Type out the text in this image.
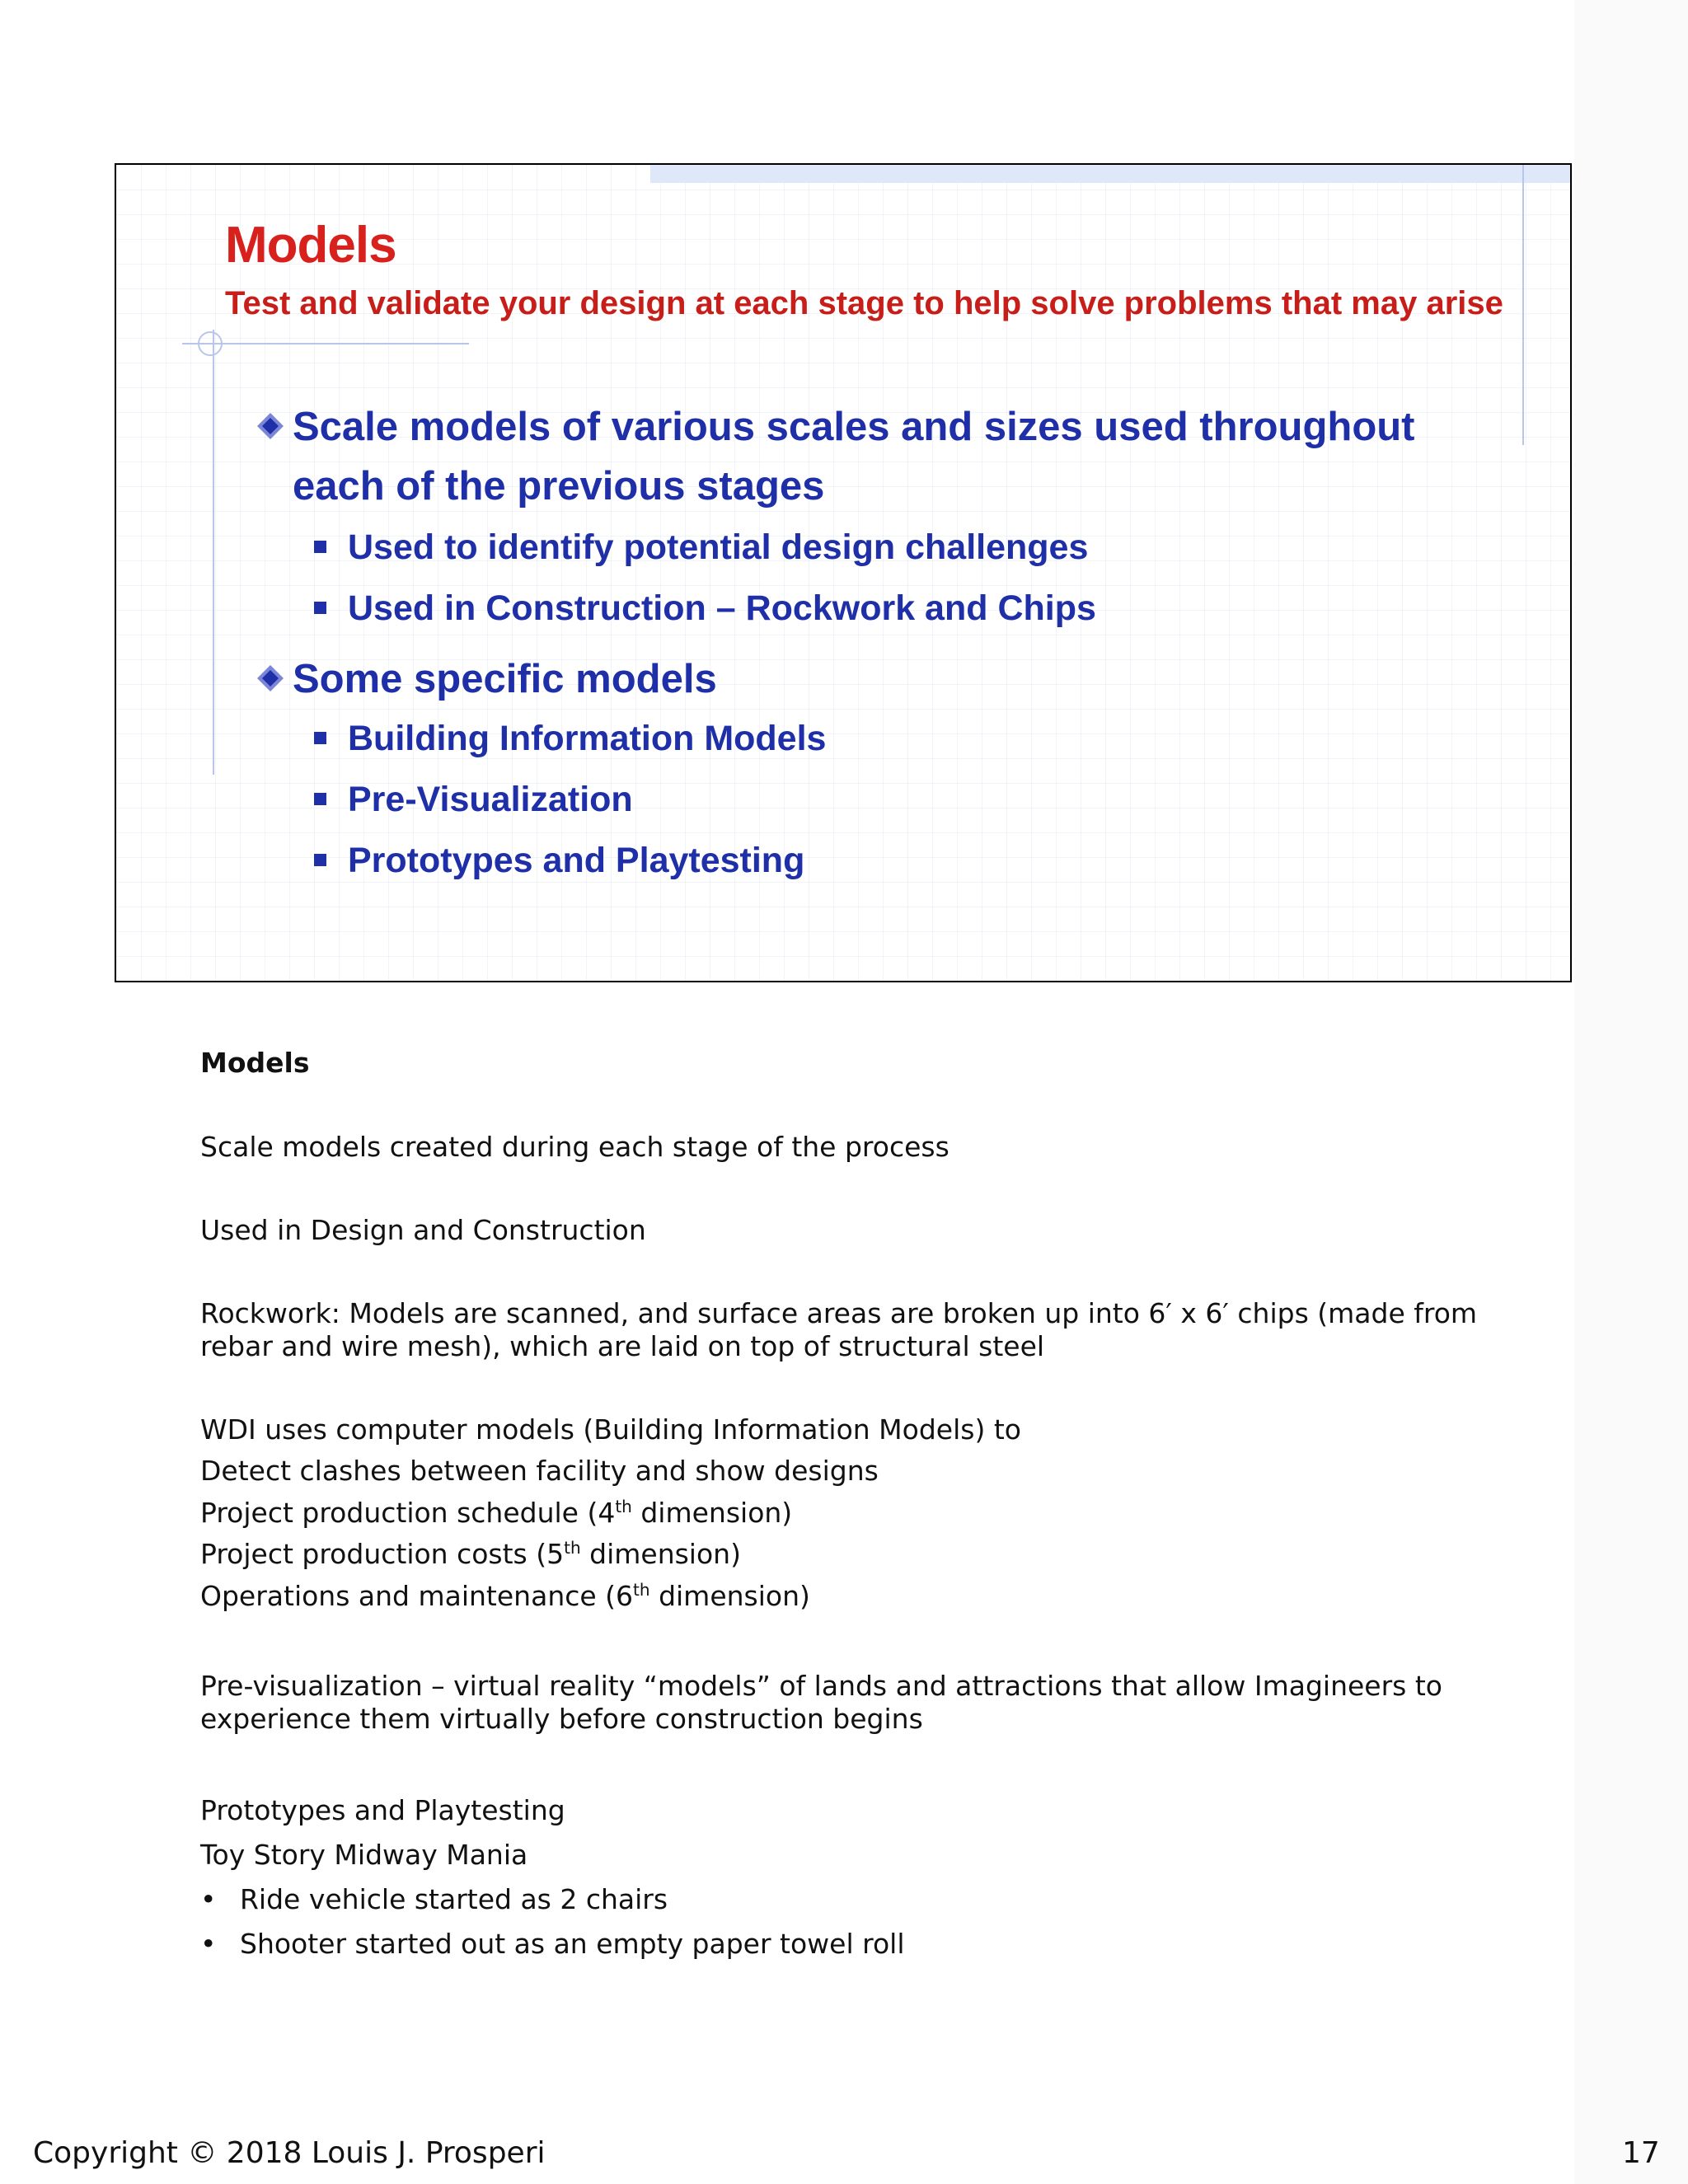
Models
Test and validate your design at each stage to help solve problems that may arise
Scale models of various scales and sizes used throughout each of the previous stages
Used to identify potential design challenges
Used in Construction – Rockwork and Chips
Some specific models
Building Information Models
Pre-Visualization
Prototypes and Playtesting
Models
Scale models created during each stage of the process
Used in Design and Construction
Rockwork: Models are scanned, and surface areas are broken up into 6′ x 6′ chips (made from rebar and wire mesh), which are laid on top of structural steel
WDI uses computer models (Building Information Models) to
Detect clashes between facility and show designs
Project production schedule (4th dimension)
Project production costs (5th dimension)
Operations and maintenance (6th dimension)
Pre-visualization – virtual reality “models” of lands and attractions that allow Imagineers to experience them virtually before construction begins
Prototypes and Playtesting
Toy Story Midway Mania
• Ride vehicle started as 2 chairs
• Shooter started out as an empty paper towel roll
Copyright © 2018 Louis J. Prosperi	17
